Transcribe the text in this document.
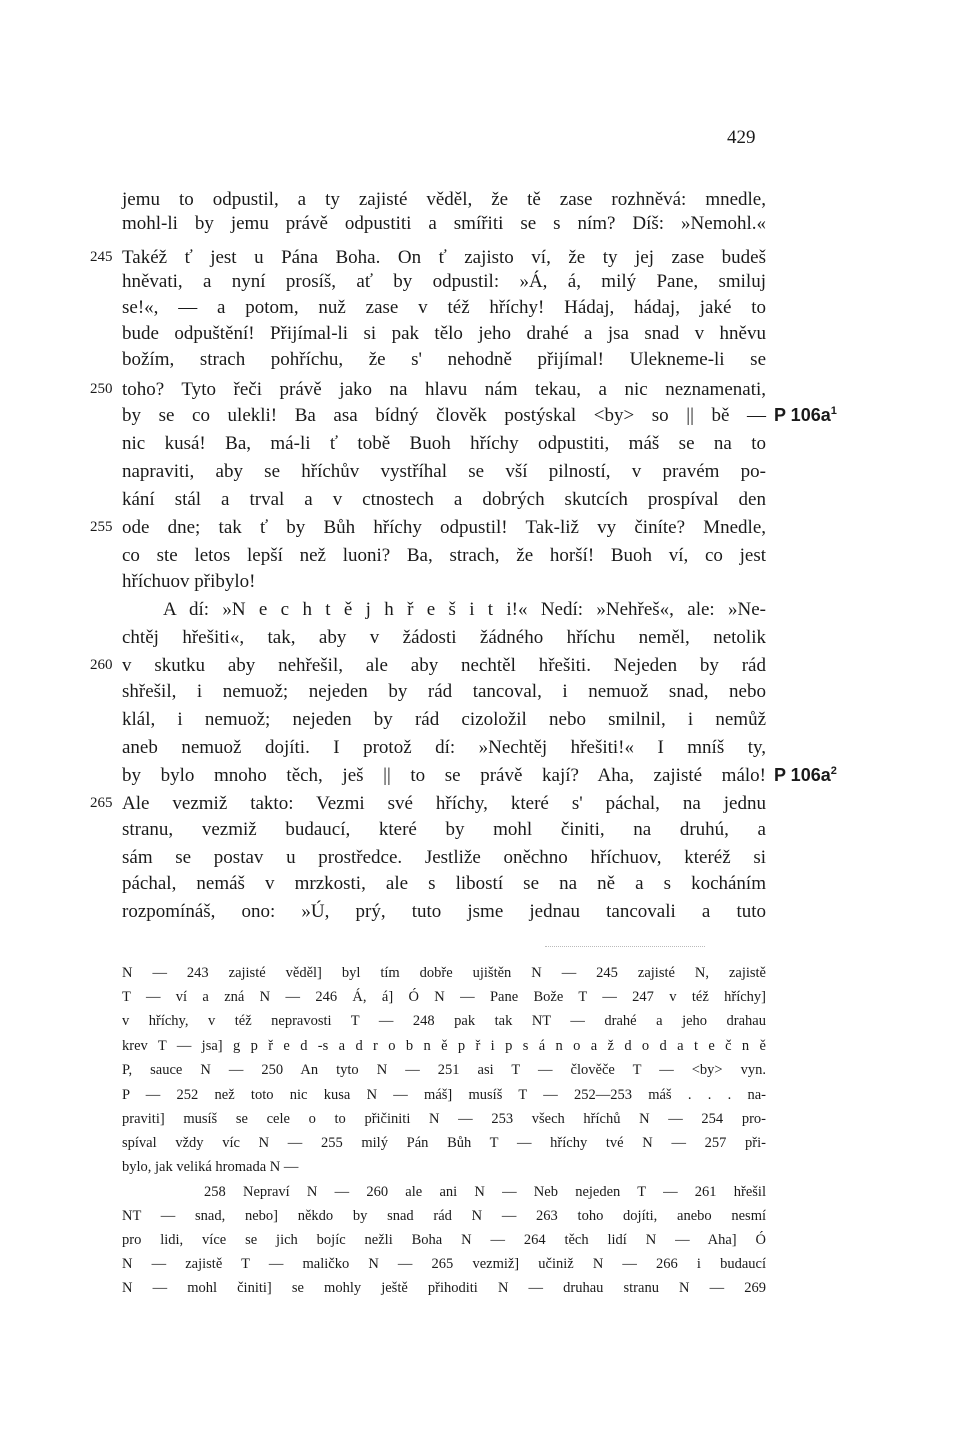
429
jemu to odpustil, a ty zajisté věděl, že tě zase rozhněvá: mnedle,
mohl-li by jemu právě odpustiti a smířiti se s ním? Díš: »Nemohl.«
Takéž ť jest u Pána Boha. On ť zajisto ví, že ty jej zase budeš
245
hněvati, a nyní prosíš, ať by odpustil: »Á, á, milý Pane, smiluj
se!«, — a potom, nuž zase v též hříchy! Hádaj, hádaj, jaké to
bude odpuštění! Přijímal-li si pak tělo jeho drahé a jsa snad v hněvu
božím, strach pohříchu, že s' nehodně přijímal! Ulekneme-li se
toho? Tyto řeči právě jako na hlavu nám tekau, a nic neznamenati,
250
by se co ulekli! Ba asa bídný člověk postýskal <by> so || bě — P $106a^1$
nic kusá! Ba, má-li ť tobě Buoh hříchy odpustiti, máš se na to
napraviti, aby se hříchův vystříhal se vší pilností, v pravém po-
kání stál a trval a v ctnostech a dobrých skutcích prospíval den
ode dne; tak ť by Bůh hříchy odpustil! Tak-liž vy činíte? Mnedle,
255
co ste letos lepší než luoni? Ba, strach, že horší! Buoh ví, co jest
hříchuov přibylo!
A dí: »N e c h t ě j h ř e š i t i!« Nedí: »Nehřeš«, ale: »Ne-
chtěj hřešiti«, tak, aby v žádosti žádného hříchu neměl, netolik
v skutku aby nehřešil, ale aby nechtěl hřešiti. Nejeden by rád
260
shřešil, i nemuož; nejeden by rád tancoval, i nemuož snad, nebo
klál, i nemuož; nejeden by rád cizoložil nebo smilnil, i nemůž
aneb nemuož dojíti. I protož dí: »Nechtěj hřešiti!« I mníš ty,
by bylo mnoho těch, ješ || to se právě kají? Aha, zajisté málo! P $106a^2$
Ale vezmiž takto: Vezmi své hříchy, které s' páchal, na jednu
265
stranu, vezmiž budaucí, které by mohl činiti, na druhú, a
sám se postav u prostředce. Jestliže oněchno hříchuov, kteréž si
páchal, nemáš v mrzkosti, ale s libostí se na ně a s kocháním
rozpomínáš, ono: »Ú, prý, tuto jsme jednau tancovali a tuto
N — 243 zajisté věděl] byl tím dobře ujištěn N — 245 zajisté N, zajistě
T — ví a zná N — 246 Á, á] Ó N — Pane Bože T — 247 v též hříchy]
v hříchy, v též nepravosti T — 248 pak tak NT — drahé a jeho drahau
krev T — jsa] g p ř e d -s a d r o b n ě p ř i p s á n o a ž d o d a t e č n ě
P, sauce N — 250 An tyto N — 251 asi T — člověče T — <by> vyn.
P — 252 než toto nic kusa N — máš] musíš T — 252—253 máš . . . na-
praviti] musíš se cele o to přičiniti N — 253 všech hříchů N — 254 pro-
spíval vždy víc N — 255 milý Pán Bůh T — hříchy tvé N — 257 při-
bylo, jak veliká hromada N —
258 Nepraví N — 260 ale ani N — Neb nejeden T — 261 hřešil
NT — snad, nebo] někdo by snad rád N — 263 toho dojíti, anebo nesmí
pro lidi, více se jich bojíc nežli Boha N — 264 těch lidí N — Aha] Ó
N — zajistě T — maličko N — 265 vezmiž] učiniž N — 266 i budaucí
N — mohl činiti] se mohly ještě přihoditi N — druhau stranu N — 269
